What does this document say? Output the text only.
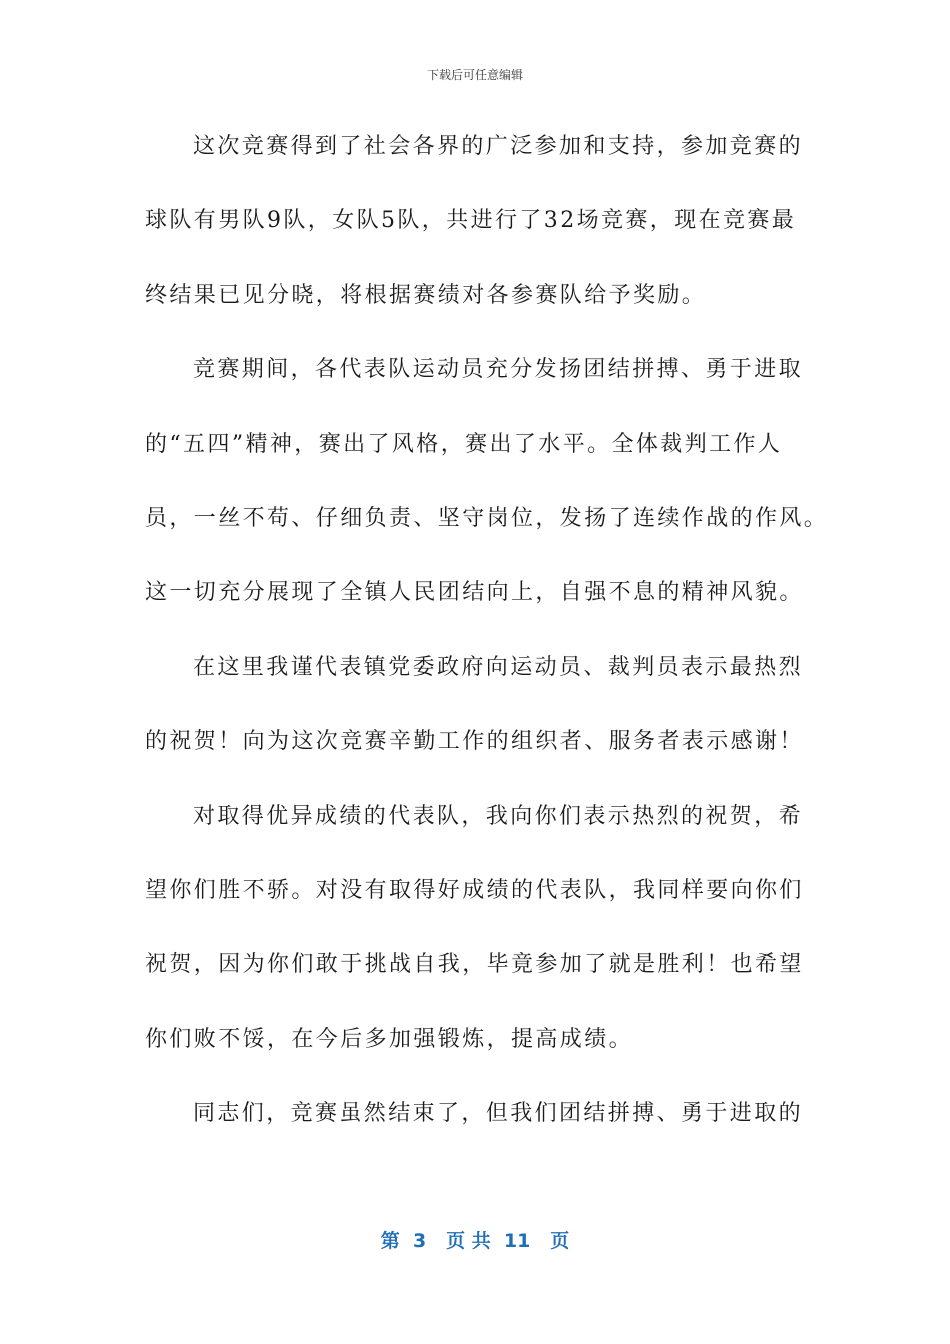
下载后可任意编辑
这次竞赛得到了社会各界的广泛参加和支持，参加竞赛的
球队有男队9队，女队5队，共进行了32场竞赛，现在竞赛最
终结果已见分晓，将根据赛绩对各参赛队给予奖励。
竞赛期间，各代表队运动员充分发扬团结拼搏、勇于进取
的“五四”精神，赛出了风格，赛出了水平。全体裁判工作人
员，一丝不苟、仔细负责、坚守岗位，发扬了连续作战的作风。
这一切充分展现了全镇人民团结向上，自强不息的精神风貌。
在这里我谨代表镇党委政府向运动员、裁判员表示最热烈
的祝贺！向为这次竞赛辛勤工作的组织者、服务者表示感谢！
对取得优异成绩的代表队，我向你们表示热烈的祝贺，希
望你们胜不骄。对没有取得好成绩的代表队，我同样要向你们
祝贺，因为你们敢于挑战自我，毕竟参加了就是胜利！也希望
你们败不馁，在今后多加强锻炼，提高成绩。
同志们，竞赛虽然结束了，但我们团结拼搏、勇于进取的
第  3   页 共  11   页
